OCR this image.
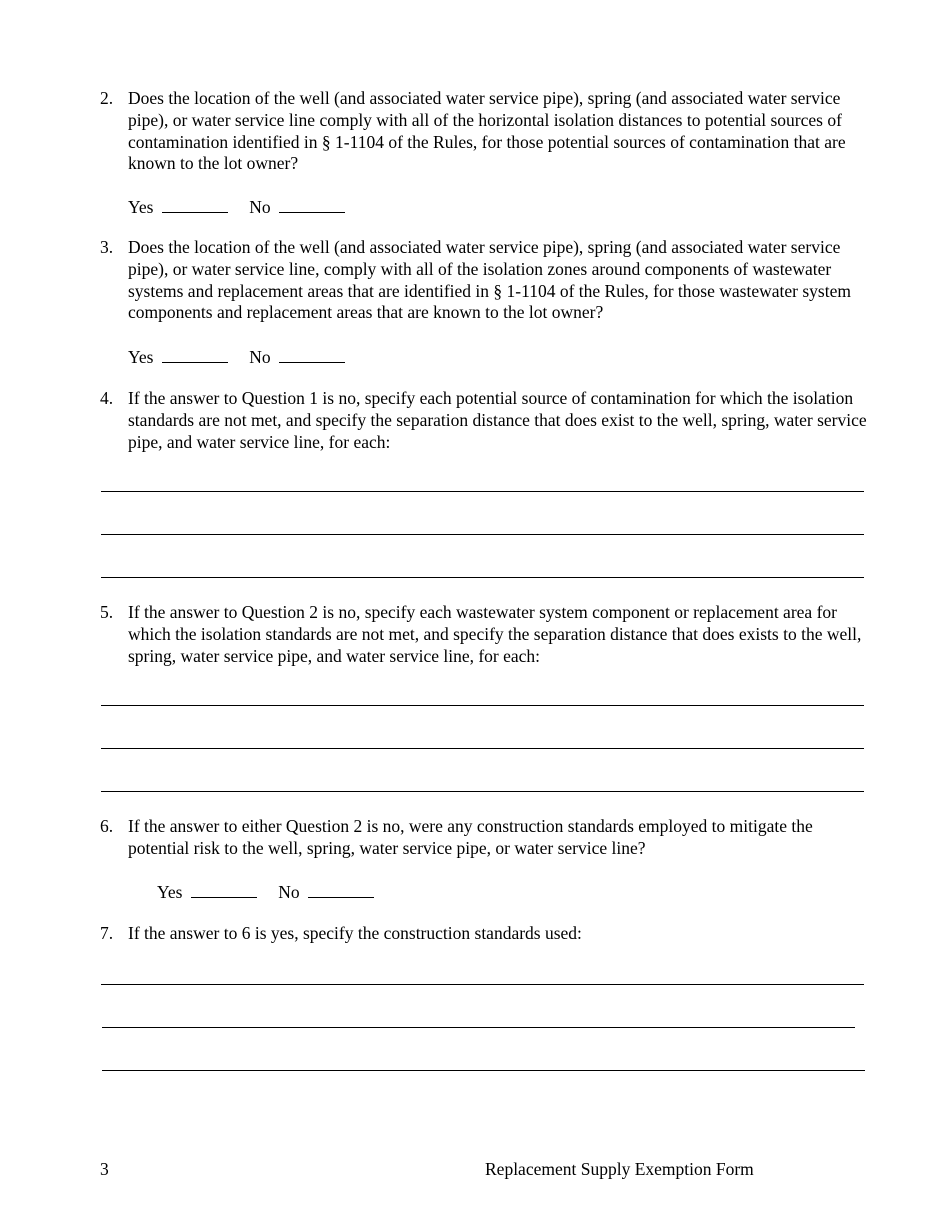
2. Does the location of the well (and associated water service pipe), spring (and associated water service pipe), or water service line comply with all of the horizontal isolation distances to potential sources of contamination identified in § 1-1104 of the Rules, for those potential sources of contamination that are known to the lot owner?
Yes	No
3. Does the location of the well (and associated water service pipe), spring (and associated water service pipe), or water service line, comply with all of the isolation zones around components of wastewater systems and replacement areas that are identified in § 1-1104 of the Rules, for those wastewater system components and replacement areas that are known to the lot owner?
Yes	No
4. If the answer to Question 1 is no, specify each potential source of contamination for which the isolation standards are not met, and specify the separation distance that does exist to the well, spring, water service pipe, and water service line, for each:
5. If the answer to Question 2 is no, specify each wastewater system component or replacement area for which the isolation standards are not met, and specify the separation distance that does exists to the well, spring, water service pipe, and water service line, for each:
6. If the answer to either Question 2 is no, were any construction standards employed to mitigate the potential risk to the well, spring, water service pipe, or water service line?
Yes	No
7. If the answer to 6 is yes, specify the construction standards used:
3	Replacement Supply Exemption Form
